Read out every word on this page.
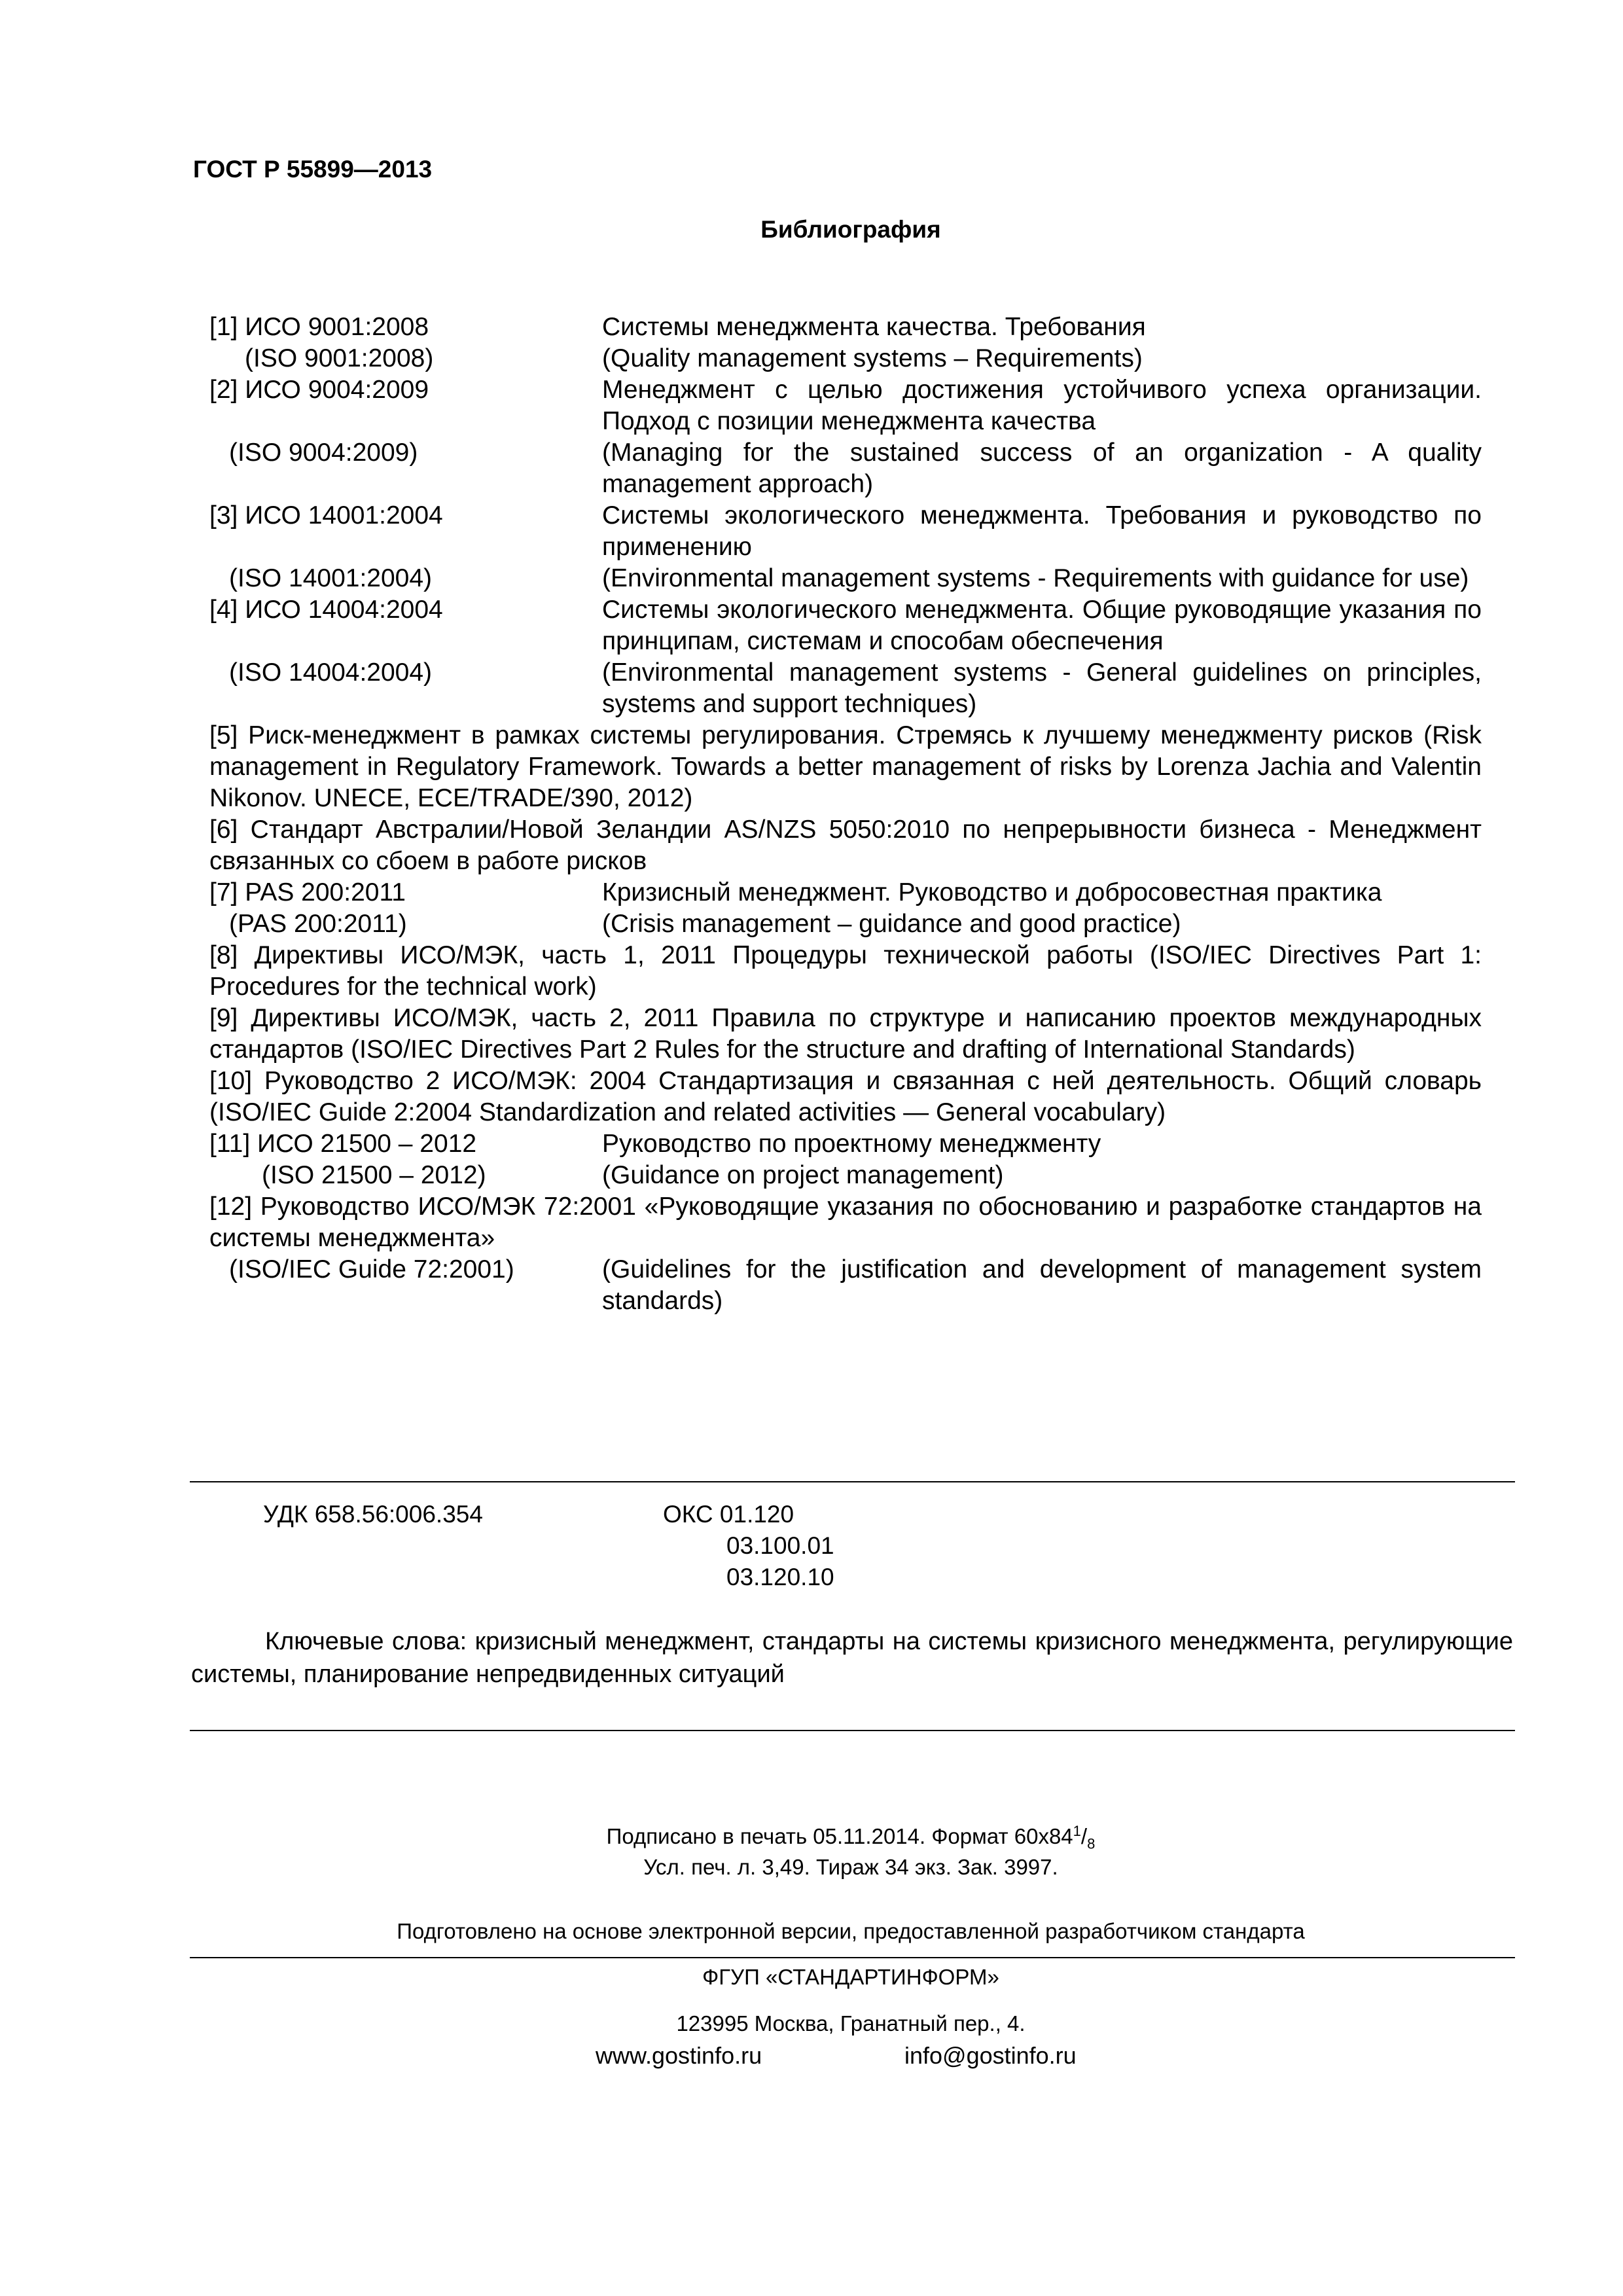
ГОСТ Р 55899—2013
Библиография
[1] ИСО 9001:2008	Системы менеджмента качества. Требования
(ISO 9001:2008)	(Quality management systems – Requirements)
[2] ИСО 9004:2009	Менеджмент с целью достижения устойчивого успеха организации. Подход с позиции менеджмента качества
(ISO 9004:2009)	(Managing for the sustained success of an organization - A quality management approach)
[3] ИСО 14001:2004	Системы экологического менеджмента. Требования и руководство по применению
(ISO 14001:2004)	(Environmental management systems - Requirements with guidance for use)
[4] ИСО 14004:2004	Системы экологического менеджмента. Общие руководящие указания по принципам, системам и способам обеспечения
(ISO 14004:2004)	(Environmental management systems - General guidelines on principles, systems and support techniques)
[5] Риск-менеджмент в рамках системы регулирования. Стремясь к лучшему менеджменту рисков (Risk management in Regulatory Framework. Towards a better management of risks by Lorenza Jachia and Valentin Nikonov. UNECE, ECE/TRADE/390, 2012)
[6] Стандарт Австралии/Новой Зеландии AS/NZS 5050:2010 по непрерывности бизнеса - Менеджмент связанных со сбоем в работе рисков
[7] PAS 200:2011	Кризисный менеджмент. Руководство и добросовестная практика
(PAS 200:2011)	(Crisis management – guidance and good practice)
[8] Директивы ИСО/МЭК, часть 1, 2011 Процедуры технической работы (ISO/IEC Directives Part 1: Procedures for the technical work)
[9] Директивы ИСО/МЭК, часть 2, 2011 Правила по структуре и написанию проектов международных стандартов (ISO/IEC Directives Part 2 Rules for the structure and drafting of International Standards)
[10] Руководство 2 ИСО/МЭК: 2004 Стандартизация и связанная с ней деятельность. Общий словарь (ISO/IEC Guide 2:2004 Standardization and related activities — General vocabulary)
[11] ИСО 21500 – 2012	Руководство по проектному менеджменту
(ISO 21500 – 2012)	(Guidance on project management)
[12] Руководство ИСО/МЭК 72:2001 «Руководящие указания по обоснованию и разработке стандартов на системы менеджмента»
(ISO/IEC Guide 72:2001)	(Guidelines for the justification and development of management system standards)
УДК 658.56:006.354	ОКС 01.120
03.100.01
03.120.10
Ключевые слова: кризисный менеджмент, стандарты на системы кризисного менеджмента, регулирующие системы, планирование непредвиденных ситуаций
Подписано в печать 05.11.2014. Формат $60x84^1/_8$
Усл. печ. л. 3,49. Тираж 34 экз. Зак. 3997.
Подготовлено на основе электронной версии, предоставленной разработчиком стандарта
ФГУП «СТАНДАРТИНФОРМ»
123995 Москва, Гранатный пер., 4.
www.gostinfo.ru	info@gostinfo.ru
